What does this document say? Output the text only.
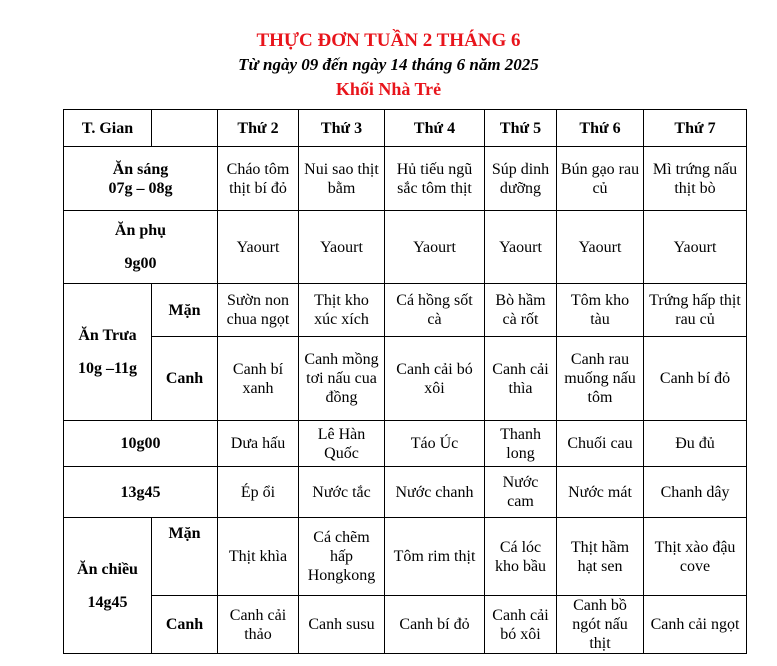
THỰC ĐƠN TUẦN 2 THÁNG 6
Từ ngày 09 đến ngày 14 tháng 6 năm 2025
Khối Nhà Trẻ
T. Gian		Thứ 2	Thứ 3	Thứ 4	Thứ 5	Thứ 6	Thứ 7

Ăn sáng
07g – 08g		Cháo tôm thịt bí đỏ	Nui sao thịt bằm	Hủ tiếu ngũ sắc tôm thịt	Súp dinh dưỡng	Bún gạo rau củ	Mì trứng nấu thịt bò

Ăn phụ
9g00		Yaourt	Yaourt	Yaourt	Yaourt	Yaourt	Yaourt

Ăn Trưa
10g –11g	Mặn	Sườn non chua ngọt	Thịt kho xúc xích	Cá hồng sốt cà	Bò hầm cà rốt	Tôm kho tàu	Trứng hấp thịt rau củ
	Canh	Canh bí xanh	Canh mồng tơi nấu cua đồng	Canh cải bó xôi	Canh cải thìa	Canh rau muống nấu tôm	Canh bí đỏ
10g00		Dưa hấu	Lê Hàn Quốc	Táo Úc	Thanh long	Chuối cau	Đu đủ
13g45		Ép ổi	Nước tắc	Nước chanh	Nước cam	Nước mát	Chanh dây

Ăn chiều
14g45	Mặn	Thịt khìa	Cá chẽm hấp Hongkong	Tôm rim thịt	Cá lóc kho bầu	Thịt hầm hạt sen	Thịt xào đậu cove
	Canh	Canh cải thảo	Canh susu	Canh bí đỏ	Canh cải bó xôi	Canh bồ ngót nấu thịt	Canh cải ngọt
